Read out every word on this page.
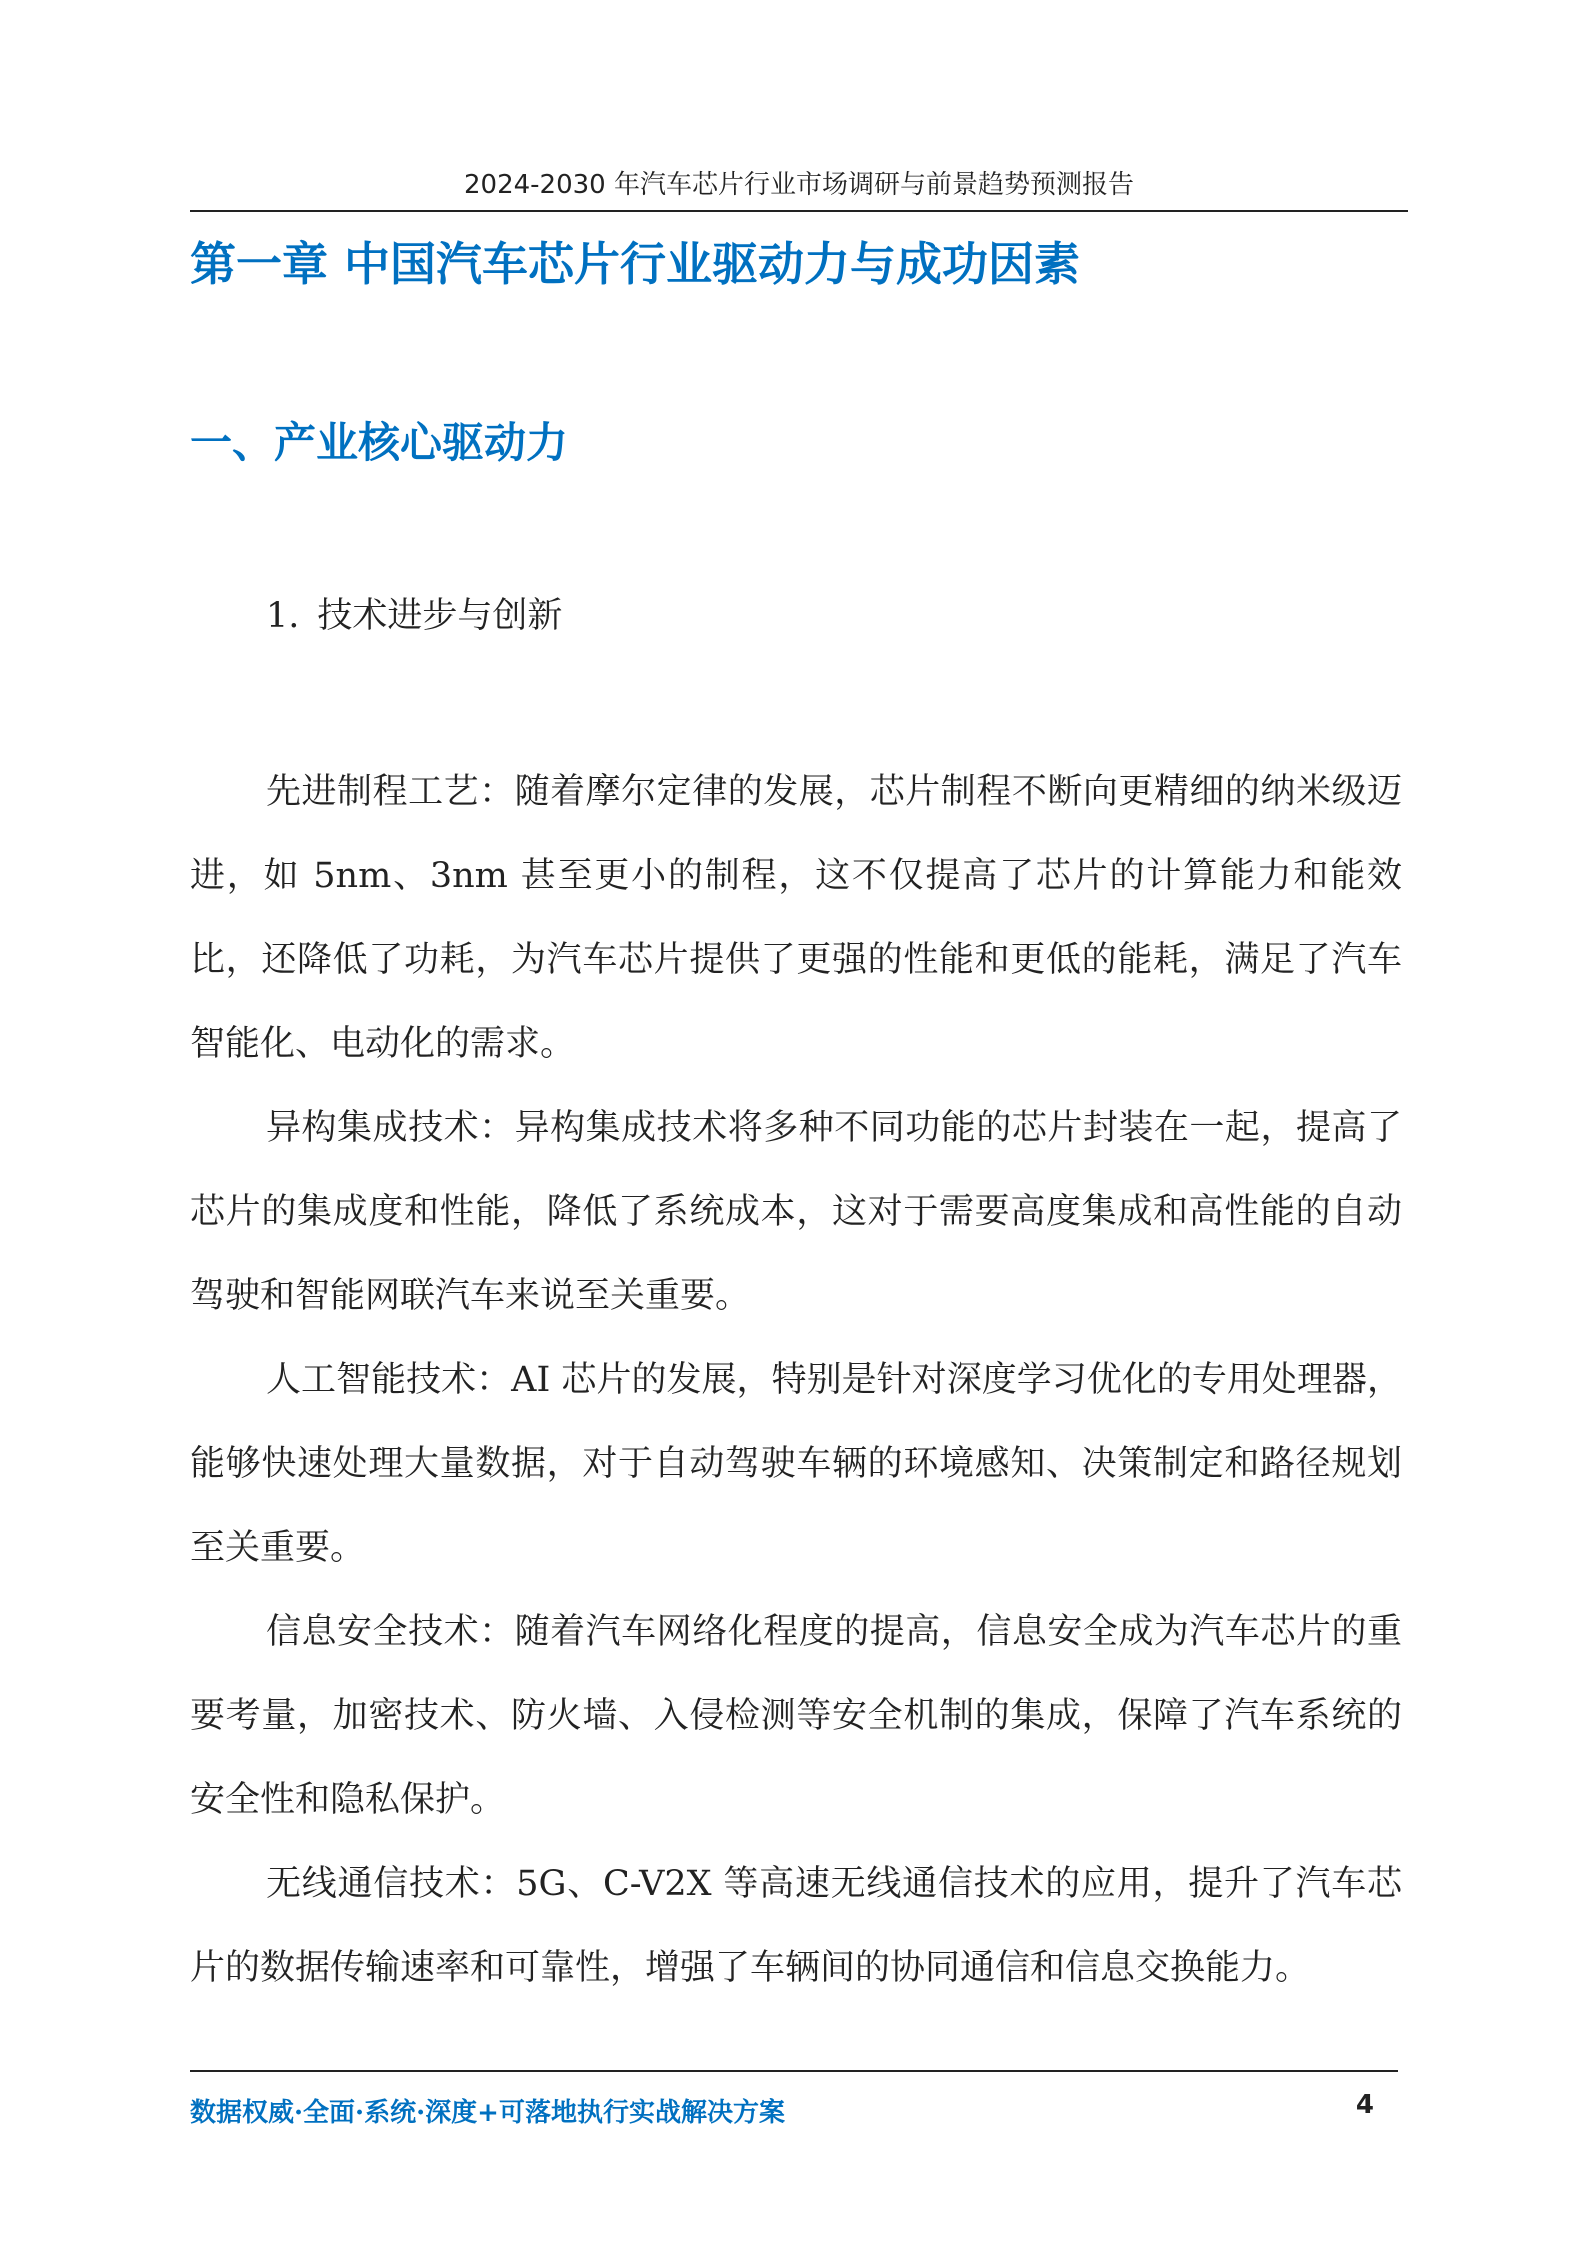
2024-2030 年汽车芯片行业市场调研与前景趋势预测报告
第一章 中国汽车芯片行业驱动力与成功因素
一、产业核心驱动力
1. 技术进步与创新

先进制程工艺：随着摩尔定律的发展，芯片制程不断向更精细的纳米级迈进，如 5nm、3nm 甚至更小的制程，这不仅提高了芯片的计算能力和能效比，还降低了功耗，为汽车芯片提供了更强的性能和更低的能耗，满足了汽车智能化、电动化的需求。

异构集成技术：异构集成技术将多种不同功能的芯片封装在一起，提高了芯片的集成度和性能，降低了系统成本，这对于需要高度集成和高性能的自动驾驶和智能网联汽车来说至关重要。

人工智能技术：AI 芯片的发展，特别是针对深度学习优化的专用处理器，能够快速处理大量数据，对于自动驾驶车辆的环境感知、决策制定和路径规划至关重要。

信息安全技术：随着汽车网络化程度的提高，信息安全成为汽车芯片的重要考量，加密技术、防火墙、入侵检测等安全机制的集成，保障了汽车系统的安全性和隐私保护。

无线通信技术：5G、C-V2X 等高速无线通信技术的应用，提升了汽车芯片的数据传输速率和可靠性，增强了车辆间的协同通信和信息交换能力。

数据权威·全面·系统·深度+可落地执行实战解决方案	4
